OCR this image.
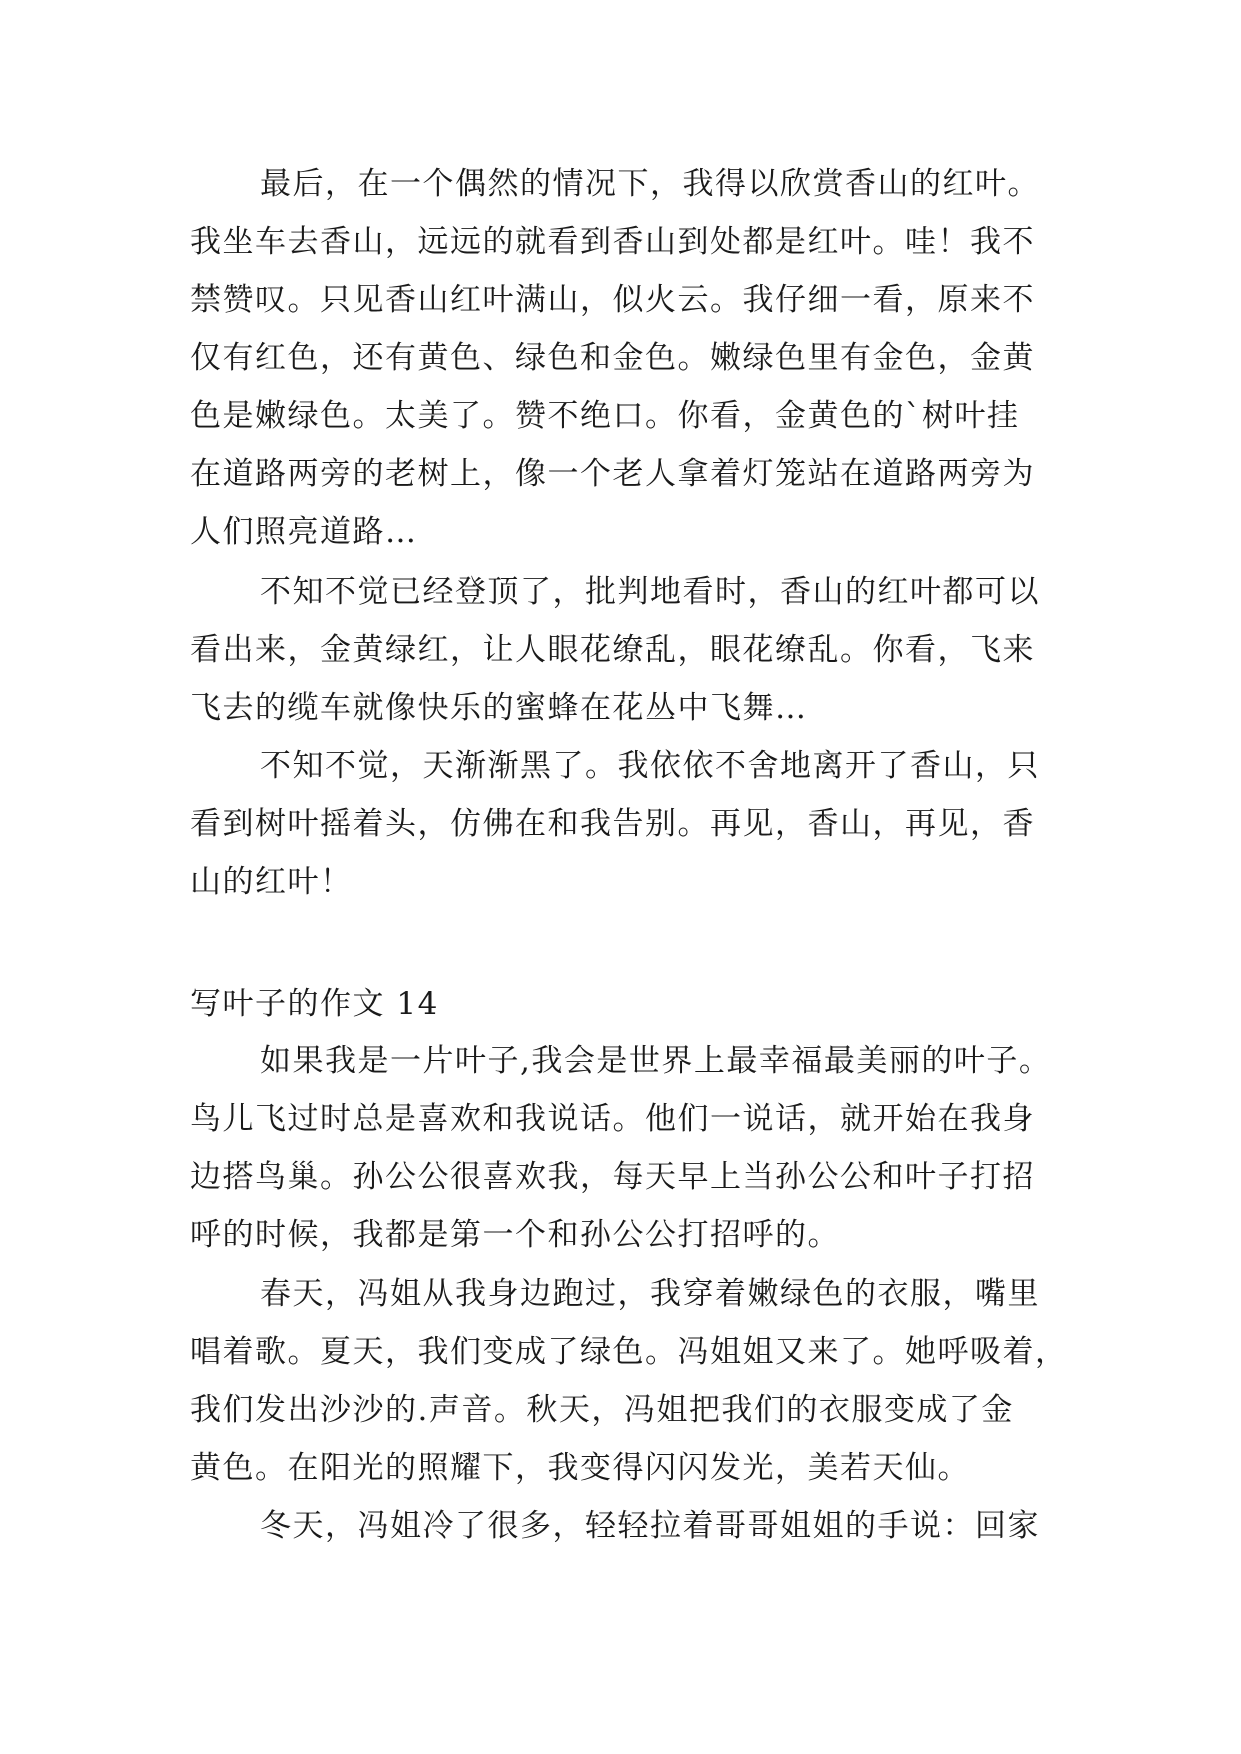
最后，在一个偶然的情况下，我得以欣赏香山的红叶。
我坐车去香山，远远的就看到香山到处都是红叶。哇！我不
禁赞叹。只见香山红叶满山，似火云。我仔细一看，原来不
仅有红色，还有黄色、绿色和金色。嫩绿色里有金色，金黄
色是嫩绿色。太美了。赞不绝口。你看，金黄色的`树叶挂
在道路两旁的老树上，像一个老人拿着灯笼站在道路两旁为
人们照亮道路…
不知不觉已经登顶了，批判地看时，香山的红叶都可以
看出来，金黄绿红，让人眼花缭乱，眼花缭乱。你看，飞来
飞去的缆车就像快乐的蜜蜂在花丛中飞舞…
不知不觉，天渐渐黑了。我依依不舍地离开了香山，只
看到树叶摇着头，仿佛在和我告别。再见，香山，再见，香
山的红叶！
写叶子的作文 14
如果我是一片叶子,我会是世界上最幸福最美丽的叶子。
鸟儿飞过时总是喜欢和我说话。他们一说话，就开始在我身
边搭鸟巢。孙公公很喜欢我，每天早上当孙公公和叶子打招
呼的时候，我都是第一个和孙公公打招呼的。
春天，冯姐从我身边跑过，我穿着嫩绿色的衣服，嘴里
唱着歌。夏天，我们变成了绿色。冯姐姐又来了。她呼吸着，
我们发出沙沙的.声音。秋天，冯姐把我们的衣服变成了金
黄色。在阳光的照耀下，我变得闪闪发光，美若天仙。
冬天，冯姐冷了很多，轻轻拉着哥哥姐姐的手说：回家
